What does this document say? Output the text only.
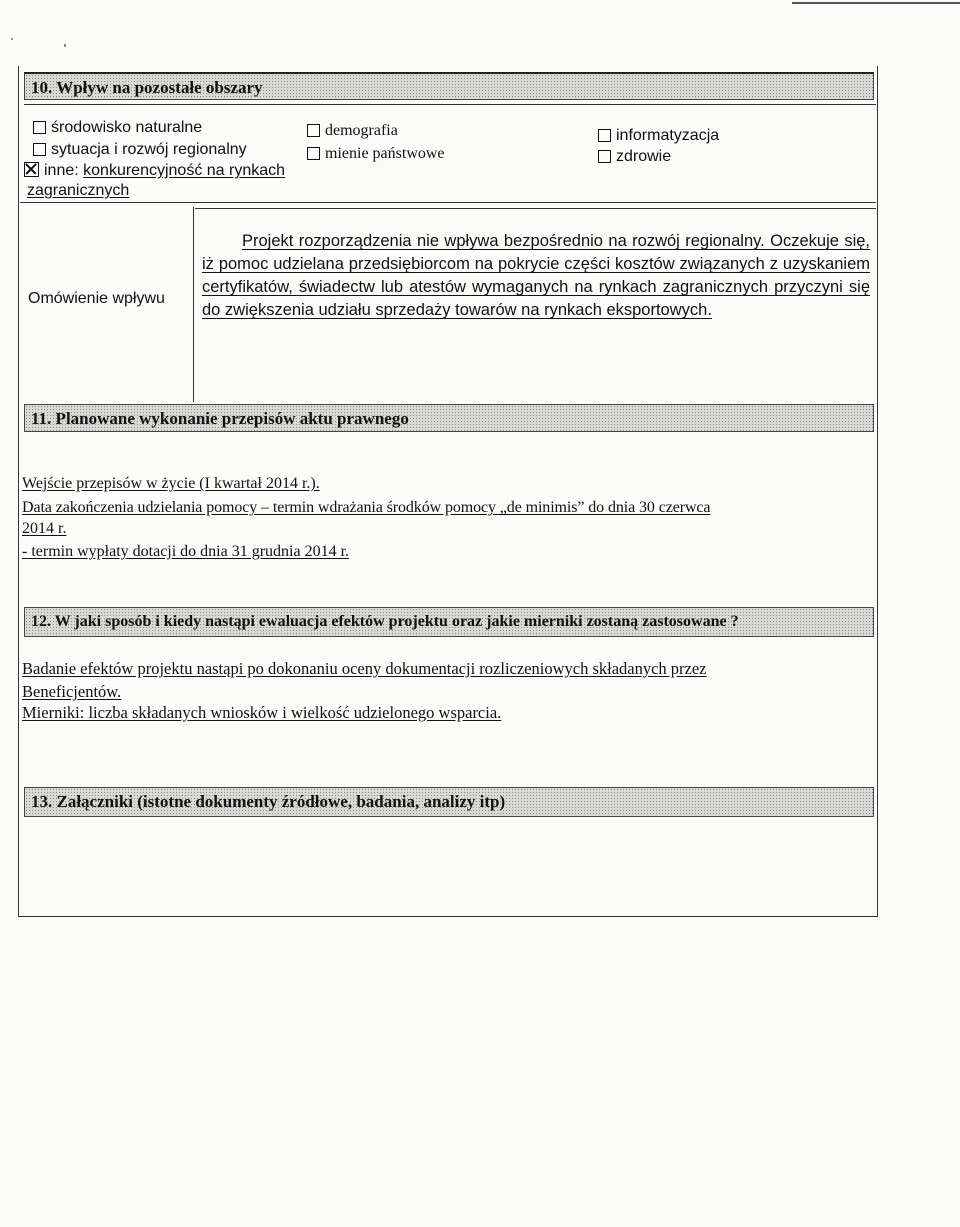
10. Wpływ na pozostałe obszary
środowisko naturalne
sytuacja i rozwój regionalny
inne: konkurencyjność na rynkach
zagranicznych
demografia
mienie państwowe
informatyzacja
zdrowie
Omówienie wpływu
Projekt rozporządzenia nie wpływa bezpośrednio na rozwój regionalny. Oczekuje się, iż pomoc udzielana przedsiębiorcom na pokrycie części kosztów związanych z uzyskaniem certyfikatów, świadectw lub atestów wymaganych na rynkach zagranicznych przyczyni się do zwiększenia udziału sprzedaży towarów na rynkach eksportowych.
11. Planowane wykonanie przepisów aktu prawnego
Wejście przepisów w życie (I kwartał 2014 r.).
Data zakończenia udzielania pomocy – termin wdrażania środków pomocy „de minimis” do dnia 30 czerwca
2014 r.
- termin wypłaty dotacji do dnia 31 grudnia 2014 r.
12. W jaki sposób i kiedy nastąpi ewaluacja efektów projektu oraz jakie mierniki zostaną zastosowane ?
Badanie efektów projektu nastąpi po dokonaniu oceny dokumentacji rozliczeniowych składanych przez
Beneficjentów.
Mierniki: liczba składanych wniosków i wielkość udzielonego wsparcia.
13. Załączniki (istotne dokumenty źródłowe, badania, analizy itp)
